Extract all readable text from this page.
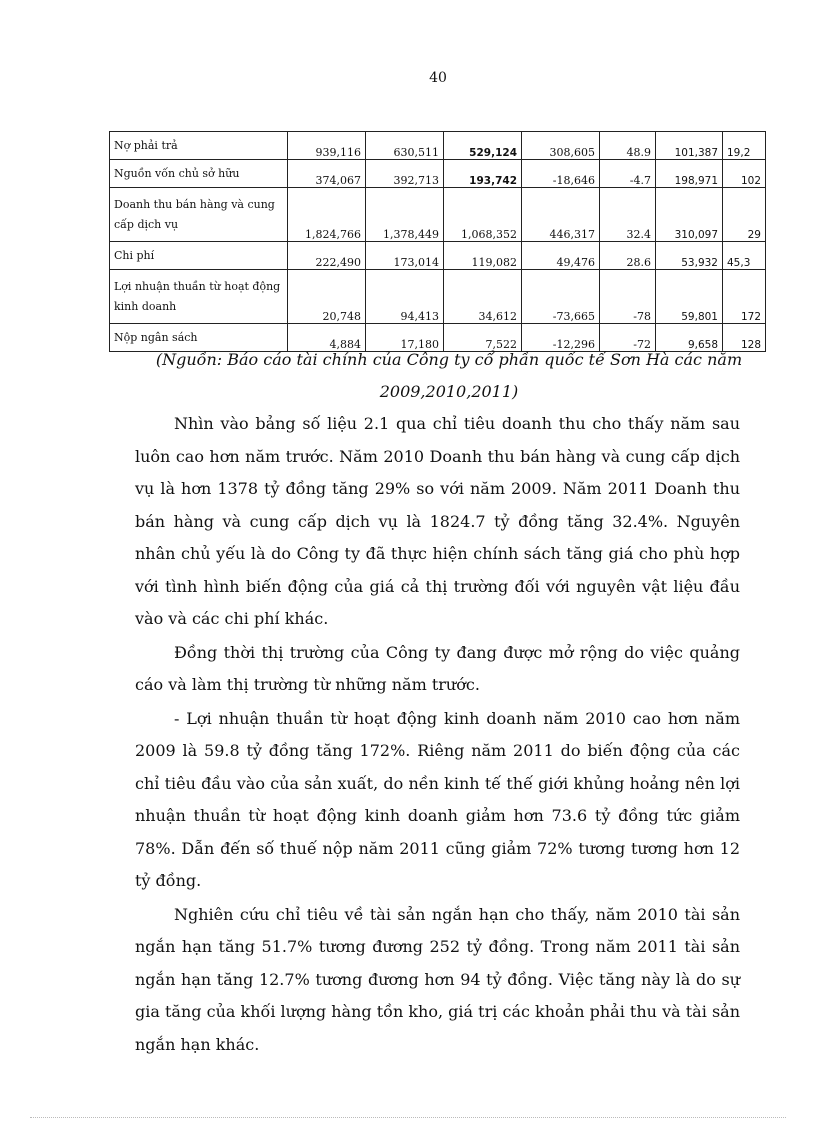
40
Nợ phải trả	939,116	630,511	529,124	308,605	48.9	101,387	19,2
Nguồn vốn chủ sở hữu	374,067	392,713	193,742	-18,646	-4.7	198,971	102
Doanh thu bán hàng và cung cấp dịch vụ	1,824,766	1,378,449	1,068,352	446,317	32.4	310,097	29
Chi phí	222,490	173,014	119,082	49,476	28.6	53,932	45,3
Lợi nhuận thuần từ hoạt động kinh doanh	20,748	94,413	34,612	-73,665	-78	59,801	172
Nộp ngân sách	4,884	17,180	7,522	-12,296	-72	9,658	128
(Nguồn: Báo cáo tài chính của Công ty cổ phần quốc tế Sơn Hà các năm 2009,2010,2011)

Nhìn vào bảng số liệu 2.1 qua chỉ tiêu doanh thu cho thấy năm sau luôn cao hơn năm trước. Năm 2010 Doanh thu bán hàng và cung cấp dịch vụ là hơn 1378 tỷ đồng tăng 29% so với năm 2009. Năm 2011 Doanh thu bán hàng và cung cấp dịch vụ là 1824.7 tỷ đồng tăng 32.4%. Nguyên nhân chủ yếu là do Công ty đã thực hiện chính sách tăng giá cho phù hợp với tình hình biến động của giá cả thị trường đối với nguyên vật liệu đầu vào và các chi phí khác.

Đồng thời thị trường của Công ty đang được mở rộng do việc quảng cáo và làm thị trường từ những năm trước.

- Lợi nhuận thuần từ hoạt động kinh doanh năm 2010 cao hơn năm 2009 là 59.8 tỷ đồng tăng 172%. Riêng năm 2011 do biến động của các chỉ tiêu đầu vào của sản xuất, do nền kinh tế thế giới khủng hoảng nên lợi nhuận thuần từ hoạt động kinh doanh giảm hơn 73.6 tỷ đồng tức giảm 78%. Dẫn đến số thuế nộp năm 2011 cũng giảm 72% tương tương hơn 12 tỷ đồng.

Nghiên cứu chỉ tiêu về tài sản ngắn hạn cho thấy, năm 2010 tài sản ngắn hạn tăng 51.7% tương đương 252 tỷ đồng. Trong năm 2011 tài sản ngắn hạn tăng 12.7% tương đương hơn 94 tỷ đồng. Việc tăng này là do sự gia tăng của khối lượng hàng tồn kho, giá trị các khoản phải thu và tài sản ngắn hạn khác.
